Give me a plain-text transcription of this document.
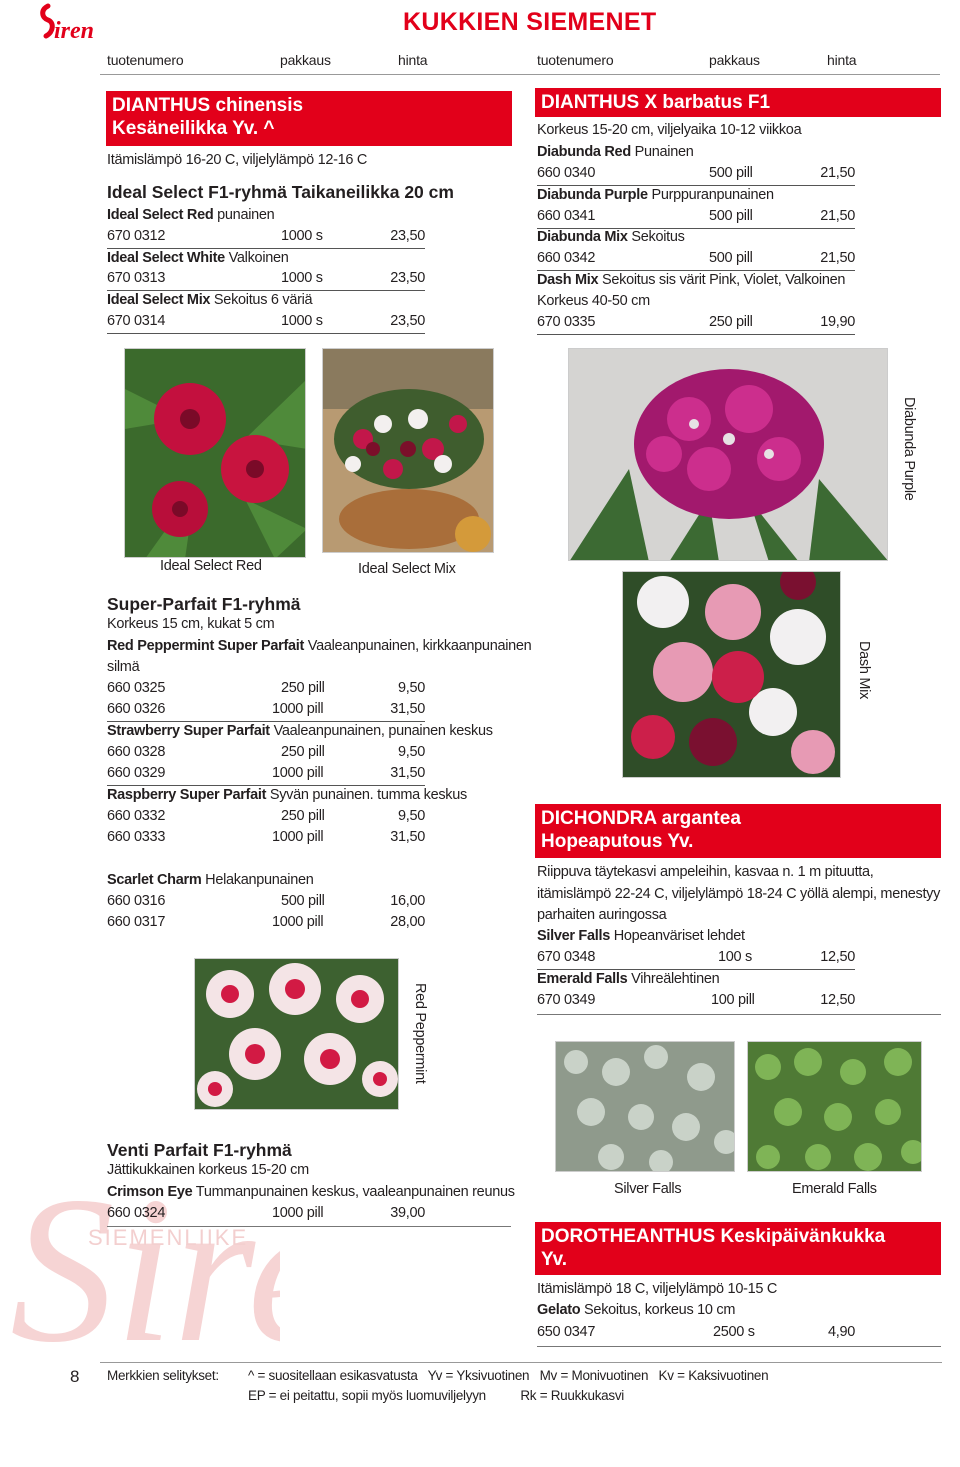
Sir
SIEMENLIIKE
iren	KUKKIEN SIEMENET
tuotenumero	pakkaus	hinta	tuotenumero	pakkaus	hinta
DIANTHUS chinensis
Kesäneilikka Yv. ^
Itämislämpö 16-20 C, viljelylämpö 12-16 C
Ideal Select F1-ryhmä Taikaneilikka 20 cm
Ideal Select Red punainen
670 0312	1000 s	23,50
Ideal Select White Valkoinen
670 0313	1000 s	23,50
Ideal Select Mix Sekoitus 6 väriä
670 0314	1000 s	23,50
DIANTHUS X barbatus F1
Korkeus 15-20 cm, viljelyaika 10-12 viikkoa
Diabunda Red Punainen
660 0340	500 pill	21,50
Diabunda Purple Purppuranpunainen
660 0341	500 pill	21,50
Diabunda Mix Sekoitus
660 0342	500 pill	21,50
Dash Mix Sekoitus sis värit Pink, Violet, Valkoinen
Korkeus 40-50 cm
670 0335	250 pill	19,90
Ideal Select Red	Ideal Select Mix
Diabunda Purple
Super-Parfait F1-ryhmä
Korkeus 15 cm, kukat 5 cm
Red Peppermint Super Parfait Vaaleanpunainen, kirkkaanpunainen
silmä
660 0325	250 pill	9,50
660 0326	1000 pill	31,50
Strawberry Super Parfait Vaaleanpunainen, punainen keskus
660 0328	250 pill	9,50
660 0329	1000 pill	31,50
Raspberry Super Parfait Syvän punainen. tumma keskus
660 0332	250 pill	9,50
660 0333	1000 pill	31,50
Scarlet Charm Helakanpunainen
660 0316	500 pill	16,00
660 0317	1000 pill	28,00
Red Peppermint
Dash Mix
DICHONDRA argantea
Hopeaputous Yv.
Riippuva täytekasvi ampeleihin, kasvaa n. 1 m pituutta,
itämislämpö 22-24 C, viljelylämpö 18-24 C yöllä alempi, menestyy
parhaiten auringossa
Silver Falls Hopeanväriset lehdet
670 0348	100 s	12,50
Emerald Falls Vihreälehtinen
670 0349	100 pill	12,50
Silver Falls	Emerald Falls
Venti Parfait F1-ryhmä
Jättikukkainen korkeus 15-20 cm
Crimson Eye Tummanpunainen keskus, vaaleanpunainen reunus
660 0324	1000 pill	39,00
DOROTHEANTHUS Keskipäivänkukka
Yv.
Itämislämpö 18 C, viljelylämpö 10-15 C
Gelato Sekoitus, korkeus 10 cm
650 0347	2500 s	4,90
8 Merkkien selitykset: ^ = suositellaan esikasvatusta   Yv = Yksivuotinen   Mv = Monivuotinen   Kv = Kaksivuotinen
EP = ei peitattu, sopii myös luomuviljelyyn          Rk = Ruukkukasvi
